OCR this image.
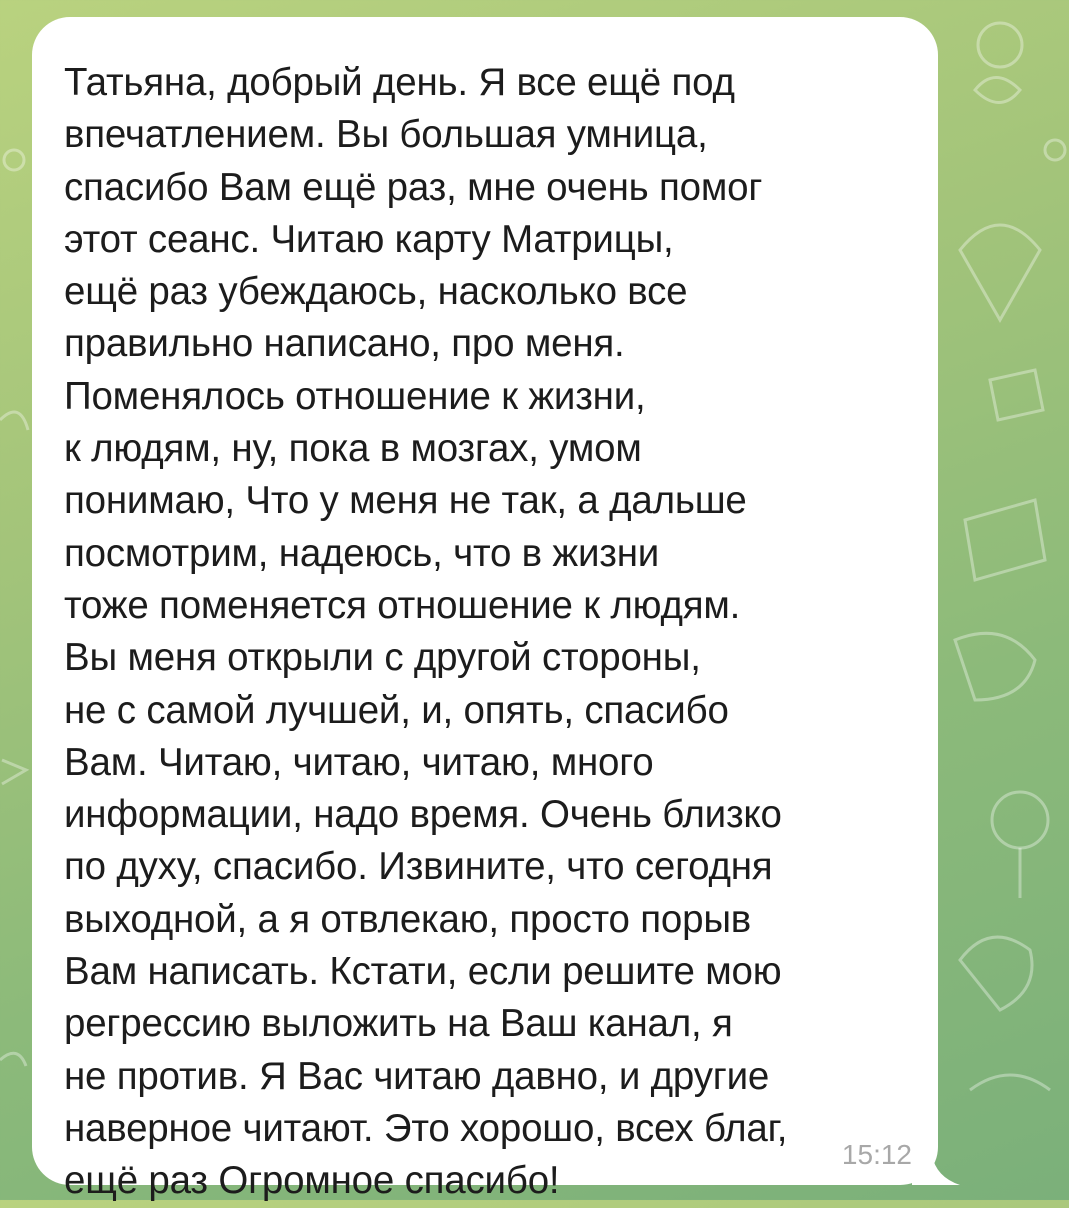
Татьяна, добрый день. Я все ещё под
впечатлением. Вы большая умница,
спасибо Вам ещё раз, мне очень помог
этот сеанс. Читаю карту Матрицы,
ещё раз убеждаюсь, насколько все
правильно написано, про меня.
Поменялось отношение к жизни,
к людям, ну, пока в мозгах, умом
понимаю, Что у меня не так, а дальше
посмотрим, надеюсь, что в жизни
тоже поменяется отношение к людям.
Вы меня открыли с другой стороны,
не с самой лучшей, и, опять, спасибо
Вам. Читаю, читаю, читаю, много
информации, надо время. Очень близко
по духу, спасибо. Извините, что сегодня
выходной, а я отвлекаю, просто порыв
Вам написать. Кстати, если решите мою
регрессию выложить на Ваш канал, я
не против. Я Вас читаю давно, и другие
наверное читают. Это хорошо, всех благ,
ещё раз Огромное спасибо!

15:12
